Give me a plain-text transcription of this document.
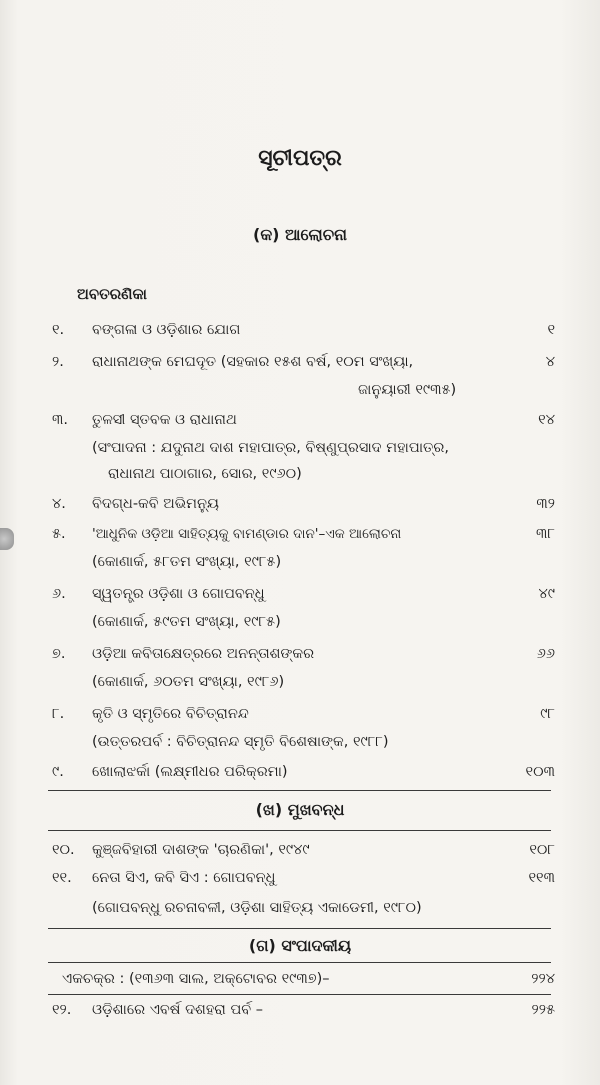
ସୂଚୀପତ୍ର
(କ) ଆଲୋଚନା
ଅବତରଣିକା
୧.	ବଙ୍ଗଳା ଓ ଓଡ଼ିଶାର ଯୋଗ	୧
୨.	ରାଧାନାଥଙ୍କ ମେଘଦୂତ (ସହକାର ୧୫ଶ ବର୍ଷ, ୧୦ମ ସଂଖ୍ୟା,	୪
ଜାନୁୟାରୀ ୧୯୩୫)
୩.	ତୁଳସୀ ସ୍ତବକ ଓ ରାଧାନାଥ	୧୪
(ସଂପାଦନା : ଯଦୁନାଥ ଦାଶ ମହାପାତ୍ର, ବିଷ୍ଣୁପ୍ରସାଦ ମହାପାତ୍ର,
ରାଧାନାଥ ପାଠାଗାର, ସୋର, ୧୯୬୦)
୪.	ବିଦଗ୍ଧ-କବି ଅଭିମନ୍ୟୁ	୩୨
୫.	'ଆଧୁନିକ ଓଡ଼ିଆ ସାହିତ୍ୟକୁ ବାମଣ୍ଡାର ଦାନ'–ଏକ ଆଲୋଚନା	୩୮
(କୋଣାର୍କ, ୫୮ତମ ସଂଖ୍ୟା, ୧୯୮୫)
୬.	ସ୍ୱତନ୍ତ୍ର ଓଡ଼ିଶା ଓ ଗୋପବନ୍ଧୁ	୪୯
(କୋଣାର୍କ, ୫୯ତମ ସଂଖ୍ୟା, ୧୯୮୫)
୭.	ଓଡ଼ିଆ କବିତାକ୍ଷେତ୍ରରେ ଅନନ୍ତାଶଙ୍କର	୬୬
(କୋଣାର୍କ, ୬୦ତମ ସଂଖ୍ୟା, ୧୯୮୬)
୮.	କୃତି ଓ ସ୍ମୃତିରେ ବିଚିତ୍ରାନନ୍ଦ	୯୮
(ଉତ୍ତରପର୍ବ : ବିଚିତ୍ରାନନ୍ଦ ସ୍ମୃତି ବିଶେଷାଙ୍କ, ୧୯୮୮)
୯.	ଖୋଲାଝର୍କା (ଲକ୍ଷ୍ମୀଧର ପରିକ୍ରମା)	୧୦୩
(ଖ) ମୁଖବନ୍ଧ
୧୦.	କୁଞ୍ଜବିହାରୀ ଦାଶଙ୍କ 'ଚାରଣିକା', ୧୯୪୯	୧୦୮
୧୧.	ନେତା ସିଏ, କବି ସିଏ : ଗୋପବନ୍ଧୁ	୧୧୩
(ଗୋପବନ୍ଧୁ ରଚନାବଳୀ, ଓଡ଼ିଶା ସାହିତ୍ୟ ଏକାଡେମୀ, ୧୯୮୦)
(ଗ) ସଂପାଦକୀୟ
ଏକଚକ୍ର : (୧୩୬୩ ସାଲ, ଅକ୍ଟୋବର ୧୯୩୭)–	୨୨୪
୧୨.	ଓଡ଼ିଶାରେ ଏବର୍ଷ ଦଶହରା ପର୍ବ –	୨୨୫
